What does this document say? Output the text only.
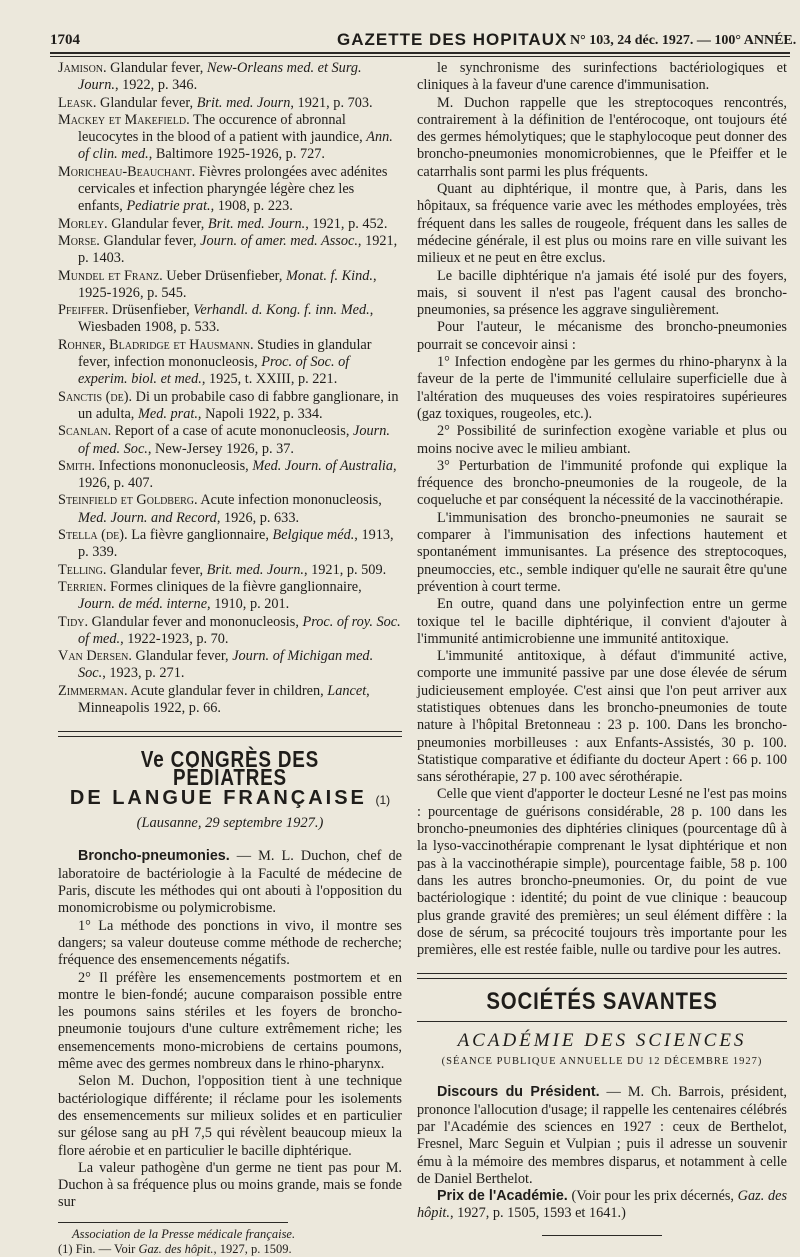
1704	GAZETTE DES HOPITAUX N° 103, 24 déc. 1927. — 100° ANNÉE.
Jamison. Glandular fever, New-Orleans med. et Surg. Journ., 1922, p. 346.
Leask. Glandular fever, Brit. med. Journ, 1921, p. 703.
Mackey et Makefield. The occurence of abronnal leucocytes in the blood of a patient with jaundice, Ann. of clin. med., Baltimore 1925-1926, p. 727.
Moricheau-Beauchant. Fièvres prolongées avec adénites cervicales et infection pharyngée légère chez les enfants, Pediatrie prat., 1908, p. 223.
Morley. Glandular fever, Brit. med. Journ., 1921, p. 452.
Morse. Glandular fever, Journ. of amer. med. Assoc., 1921, p. 1403.
Mundel et Franz. Ueber Drüsenfieber, Monat. f. Kind., 1925-1926, p. 545.
Pfeiffer. Drüsenfieber, Verhandl. d. Kong. f. inn. Med., Wiesbaden 1908, p. 533.
Rohner, Bladridge et Hausmann. Studies in glandular fever, infection mononucleosis, Proc. of Soc. of experim. biol. et med., 1925, t. XXIII, p. 221.
Sanctis (de). Di un probabile caso di fabbre ganglionare, in un adulta, Med. prat., Napoli 1922, p. 334.
Scanlan. Report of a case of acute mononucleosis, Journ. of med. Soc., New-Jersey 1926, p. 37.
Smith. Infections mononucleosis, Med. Journ. of Australia, 1926, p. 407.
Steinfield et Goldberg. Acute infection mononucleosis, Med. Journ. and Record, 1926, p. 633.
Stella (de). La fièvre ganglionnaire, Belgique méd., 1913, p. 339.
Telling. Glandular fever, Brit. med. Journ., 1921, p. 509.
Terrien. Formes cliniques de la fièvre ganglionnaire, Journ. de méd. interne, 1910, p. 201.
Tidy. Glandular fever and mononucleosis, Proc. of roy. Soc. of med., 1922-1923, p. 70.
Van Dersen. Glandular fever, Journ. of Michigan med. Soc., 1923, p. 271.
Zimmerman. Acute glandular fever in children, Lancet, Minneapolis 1922, p. 66.
Ve CONGRÈS DES PÉDIATRES
DE LANGUE FRANÇAISE (1)
(Lausanne, 29 septembre 1927.)

Broncho-pneumonies. — M. L. Duchon, chef de laboratoire de bactériologie à la Faculté de médecine de Paris, discute les méthodes qui ont abouti à l'opposition du monomicrobisme ou polymicrobisme.

1° La méthode des ponctions in vivo, il montre ses dangers; sa valeur douteuse comme méthode de recherche; fréquence des ensemencements négatifs.

2° Il préfère les ensemencements postmortem et en montre le bien-fondé; aucune comparaison possible entre les poumons sains stériles et les foyers de broncho-pneumonie toujours d'une culture extrêmement riche; les ensemencements mono-microbiens de certains poumons, même avec des germes nombreux dans le rhino-pharynx.

Selon M. Duchon, l'opposition tient à une technique bactériologique différente; il réclame pour les isolements des ensemencements sur milieux solides et en particulier sur gélose sang au pH 7,5 qui révèlent beaucoup mieux la flore aérobie et en particulier le bacille diphtérique.

La valeur pathogène d'un germe ne tient pas pour M. Duchon à sa fréquence plus ou moins grande, mais se fonde sur

Association de la Presse médicale française.
(1) Fin. — Voir Gaz. des hôpit., 1927, p. 1509.

le synchronisme des surinfections bactériologiques et cliniques à la faveur d'une carence d'immunisation.

M. Duchon rappelle que les streptocoques rencontrés, contrairement à la définition de l'entérocoque, ont toujours été des germes hémolytiques; que le staphylocoque peut donner des broncho-pneumonies monomicrobiennes, que le Pfeiffer et le catarrhalis sont parmi les plus fréquents.

Quant au diphtérique, il montre que, à Paris, dans les hôpitaux, sa fréquence varie avec les méthodes employées, très fréquent dans les salles de rougeole, fréquent dans les salles de médecine générale, il est plus ou moins rare en ville suivant les milieux et ne peut en être exclus.

Le bacille diphtérique n'a jamais été isolé pur des foyers, mais, si souvent il n'est pas l'agent causal des broncho-pneumonies, sa présence les aggrave singulièrement.

Pour l'auteur, le mécanisme des broncho-pneumonies pourrait se concevoir ainsi :

1° Infection endogène par les germes du rhino-pharynx à la faveur de la perte de l'immunité cellulaire superficielle due à l'altération des muqueuses des voies respiratoires supérieures (gaz toxiques, rougeoles, etc.).

2° Possibilité de surinfection exogène variable et plus ou moins nocive avec le milieu ambiant.

3° Perturbation de l'immunité profonde qui explique la fréquence des broncho-pneumonies de la rougeole, de la coqueluche et par conséquent la nécessité de la vaccinothérapie.

L'immunisation des broncho-pneumonies ne saurait se comparer à l'immunisation des infections hautement et spontanément immunisantes. La présence des streptocoques, pneumoccies, etc., semble indiquer qu'elle ne saurait être qu'une prévention à court terme.

En outre, quand dans une polyinfection entre un germe toxique tel le bacille diphtérique, il convient d'ajouter à l'immunité antimicrobienne une immunité antitoxique.

L'immunité antitoxique, à défaut d'immunité active, comporte une immunité passive par une dose élevée de sérum judicieusement employée. C'est ainsi que l'on peut arriver aux statistiques obtenues dans les broncho-pneumonies de toute nature à l'hôpital Bretonneau : 23 p. 100. Dans les broncho-pneumonies morbilleuses : aux Enfants-Assistés, 30 p. 100. Statistique comparative et édifiante du docteur Apert : 66 p. 100 sans sérothérapie, 27 p. 100 avec sérothérapie.

Celle que vient d'apporter le docteur Lesné ne l'est pas moins : pourcentage de guérisons considérable, 28 p. 100 dans les broncho-pneumonies des diphtéries cliniques (pourcentage dû à la lyso-vaccinothérapie comprenant le lysat diphtérique et non pas à la vaccinothérapie simple), pourcentage faible, 58 p. 100 dans les autres broncho-pneumonies. Or, du point de vue bactériologique : identité; du point de vue clinique : beaucoup plus grande gravité des premières; un seul élément diffère : la dose de sérum, sa précocité toujours très importante pour les premières, elle est restée faible, nulle ou tardive pour les autres.

SOCIÉTÉS SAVANTES
ACADÉMIE DES SCIENCES
(SÉANCE PUBLIQUE ANNUELLE DU 12 DÉCEMBRE 1927)

Discours du Président. — M. Ch. Barrois, président, prononce l'allocution d'usage; il rappelle les centenaires célébrés par l'Académie des sciences en 1927 : ceux de Berthelot, Fresnel, Marc Seguin et Vulpian ; puis il adresse un souvenir ému à la mémoire des membres disparus, et notamment à celle de Daniel Berthelot.

Prix de l'Académie. (Voir pour les prix décernés, Gaz. des hôpit., 1927, p. 1505, 1593 et 1641.)
